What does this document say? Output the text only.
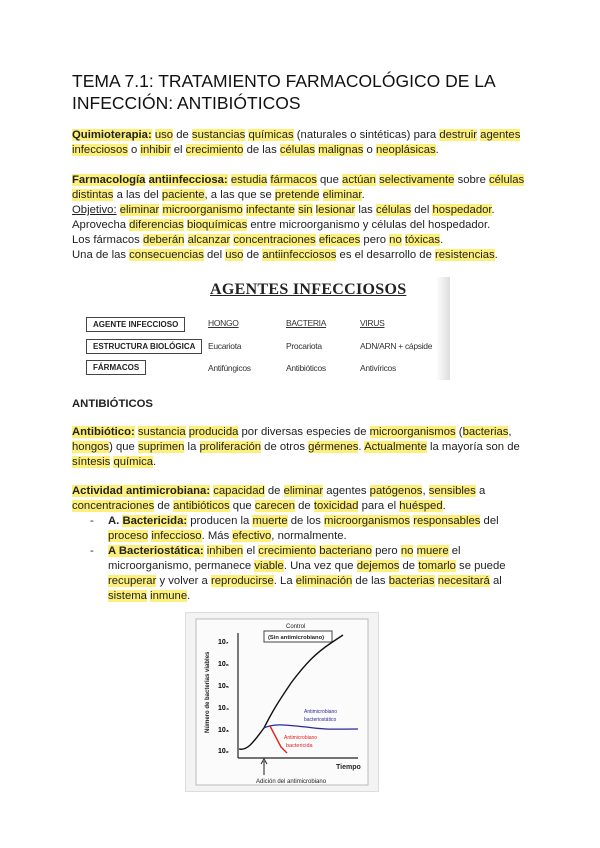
TEMA 7.1: TRATAMIENTO FARMACOLÓGICO DE LA
INFECCIÓN: ANTIBIÓTICOS
Quimioterapia: uso de sustancias químicas (naturales o sintéticas) para destruir agentes
infecciosos o inhibir el crecimiento de las células malignas o neoplásicas.
Farmacología antiinfecciosa: estudia fármacos que actúan selectivamente sobre células
distintas a las del paciente, a las que se pretende eliminar.
Objetivo: eliminar microorganismo infectante sin lesionar las células del hospedador.
Aprovecha diferencias bioquímicas entre microorganismo y células del hospedador.
Los fármacos deberán alcanzar concentraciones eficaces pero no tóxicas.
Una de las consecuencias del uso de antiinfecciosos es el desarrollo de resistencias.
AGENTES INFECCIOSOS
AGENTE INFECCIOSO
ESTRUCTURA BIOLÓGICA
FÁRMACOS
HONGO
Eucariota
Antifúngicos
BACTERIA
Procariota
Antibióticos
VIRUS
ADN/ARN + cápside
Antivíricos
ANTIBIÓTICOS
Antibiótico: sustancia producida por diversas especies de microorganismos (bacterias,
hongos) que suprimen la proliferación de otros gérmenes. Actualmente la mayoría son de
síntesis química.
Actividad antimicrobiana: capacidad de eliminar agentes patógenos, sensibles a
concentraciones de antibióticos que carecen de toxicidad para el huésped.
- A. Bactericida: producen la muerte de los microorganismos responsables del
proceso infeccioso. Más efectivo, normalmente.
- A Bacteriostática: inhiben el crecimiento bacteriano pero no muere el
microorganismo, permanece viable. Una vez que dejemos de tomarlo se puede
recuperar y volver a reproducirse. La eliminación de las bacterias necesitará al
sistema inmune.
Control
(Sin antimicrobiano)
Número de bacterias viables
10₂
10₃
10₄
10₅
10₆
10₇
Antimicrobiano
bacteriostático
Antimicrobiano
bactericida
Tiempo
Adición del antimicrobiano
